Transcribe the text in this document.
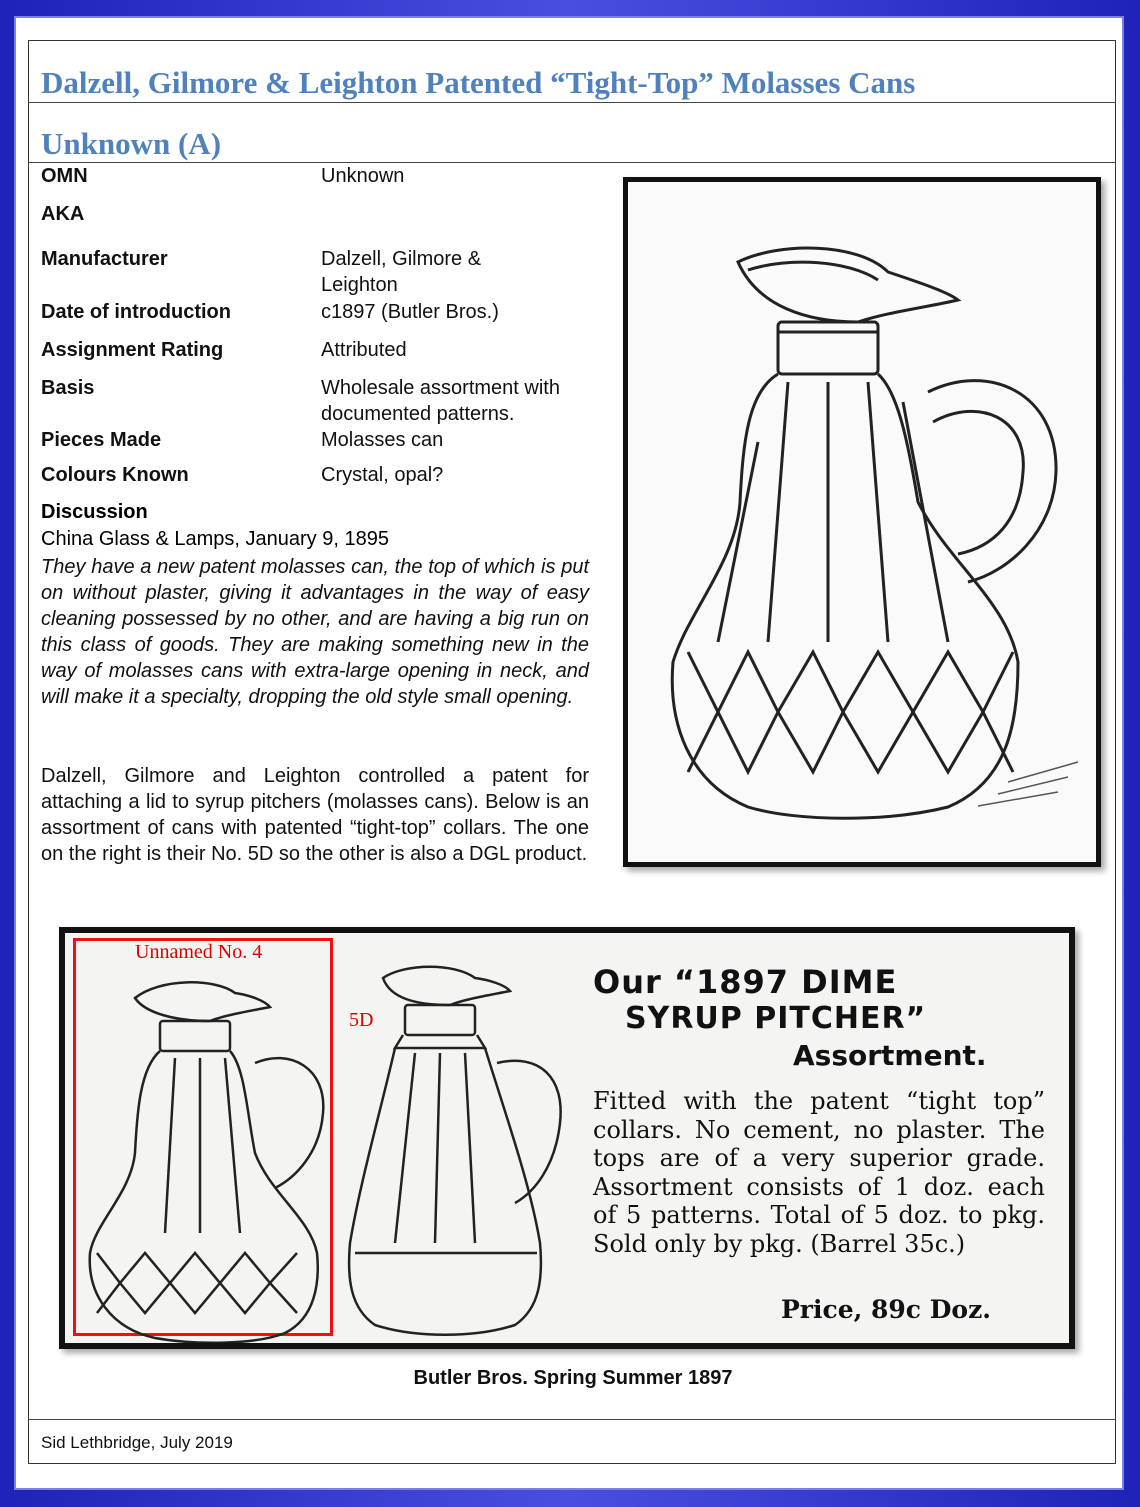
Dalzell, Gilmore & Leighton Patented “Tight-Top” Molasses Cans
Unknown (A)
OMN	Unknown
AKA
Manufacturer	Dalzell, Gilmore & Leighton
Date of introduction	c1897 (Butler Bros.)
Assignment Rating	Attributed
Basis	Wholesale assortment with documented patterns.
Pieces Made	Molasses can
Colours Known	Crystal, opal?
Discussion
China Glass & Lamps, January 9, 1895
They have a new patent molasses can, the top of which is put on without plaster, giving it advantages in the way of easy cleaning possessed by no other, and are having a big run on this class of goods. They are making something new in the way of molasses cans with extra-large opening in neck, and will make it a specialty, dropping the old style small opening.
Dalzell, Gilmore and Leighton controlled a patent for attaching a lid to syrup pitchers (molasses cans). Below is an assortment of cans with patented “tight-top” collars. The one on the right is their No. 5D so the other is also a DGL product.
Unnamed No. 4
5D
Our “1897 DIME
SYRUP PITCHER”
Assortment.
Fitted with the patent “tight top” collars. No cement, no plaster. The tops are of a very superior grade. Assortment consists of 1 doz. each of 5 patterns. Total of 5 doz. to pkg. Sold only by pkg. (Barrel 35c.)
Price, 89c Doz.
Butler Bros. Spring Summer 1897
Sid Lethbridge, July 2019
